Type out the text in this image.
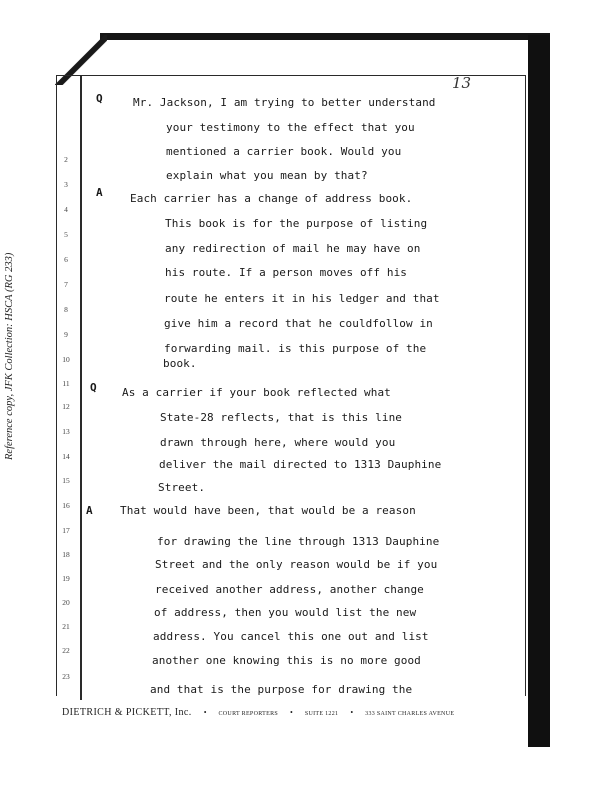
13
Reference copy, JFK Collection: HSCA (RG 233)
2
3
4
5
6
7
8
9
10
11
12
13
14
15
16
17
18
19
20
21
22
23
Q
A
Q
A
Mr. Jackson, I am trying to better understand
your testimony to the effect that you
mentioned a carrier book. Would you
explain what you mean by that?
Each carrier has a change of address book.
This book is for the purpose of listing
any redirection of mail he may have on
his route. If a person moves off his
route he enters it in his ledger and that
give him a record that he couldfollow in
forwarding mail. is this purpose of the
book.
As a carrier if your book reflected what
State-28 reflects, that is this line
drawn through here, where would you
deliver the mail directed to 1313 Dauphine
Street.
That would have been, that would be a reason
for drawing the line through 1313 Dauphine
Street and the only reason would be if you
received another address, another change
of address, then you would list the new
address. You cancel this one out and list
another one knowing this is no more good
and that is the purpose for drawing the
DIETRICH & PICKETT, Inc. • COURT REPORTERS • SUITE 1221 • 333 SAINT CHARLES AVENUE
